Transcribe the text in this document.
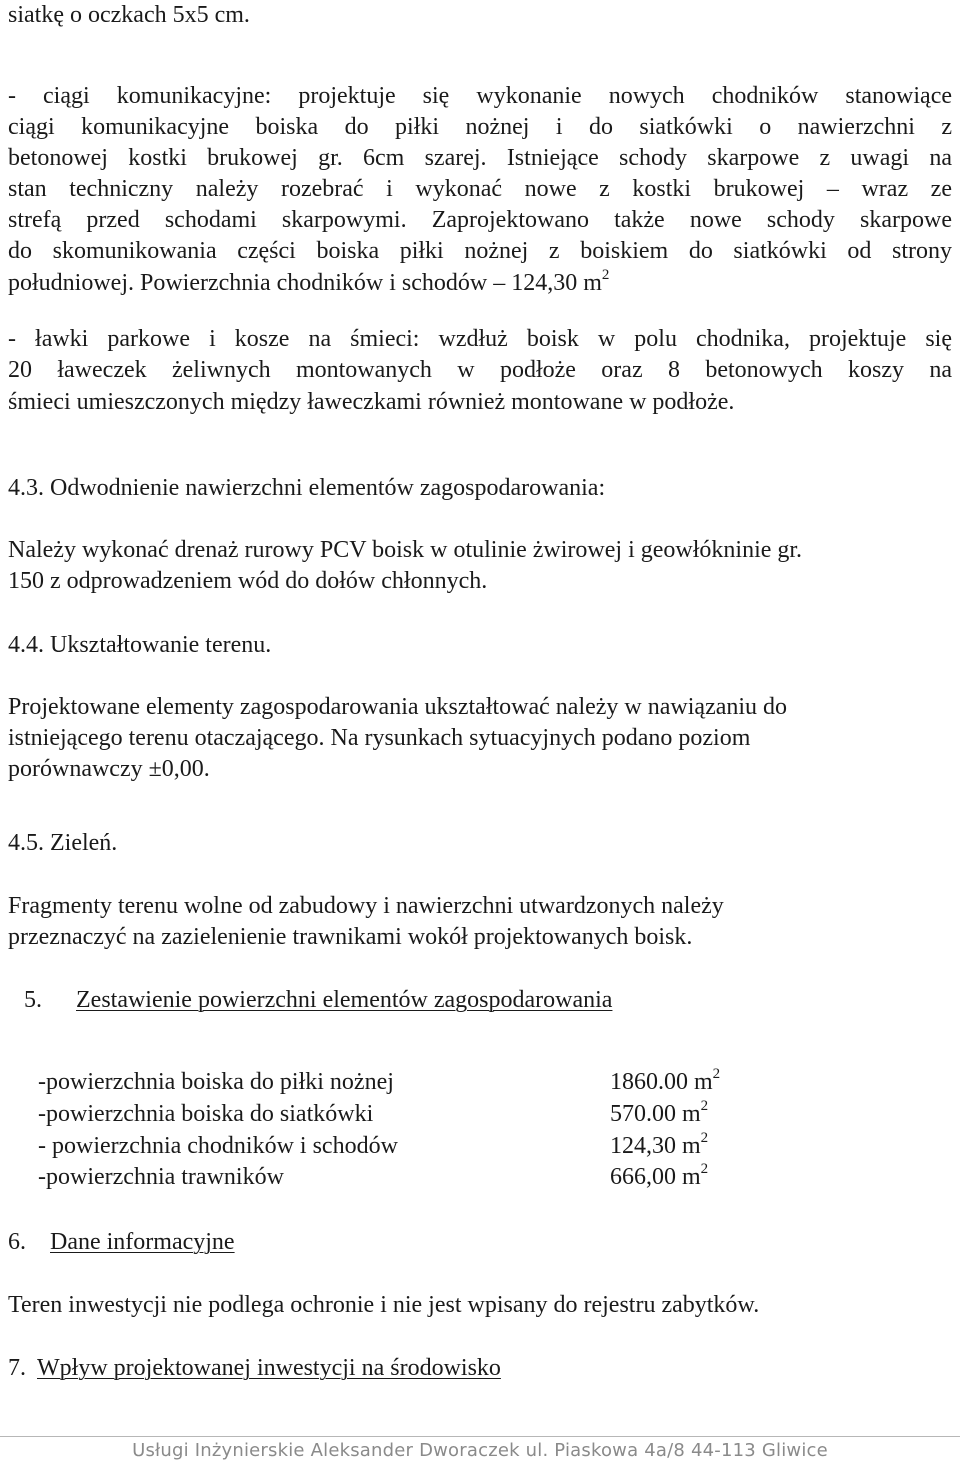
siatkę o oczkach 5x5 cm.
- ciągi komunikacyjne: projektuje się wykonanie nowych chodników stanowiące
ciągi komunikacyjne boiska do piłki nożnej i do siatkówki o nawierzchni z
betonowej kostki brukowej gr. 6cm szarej. Istniejące schody skarpowe z uwagi na
stan techniczny należy rozebrać i wykonać nowe z kostki brukowej – wraz ze
strefą przed schodami skarpowymi. Zaprojektowano także nowe schody skarpowe
do skomunikowania części boiska piłki nożnej z boiskiem do siatkówki od strony
południowej. Powierzchnia chodników i schodów – 124,30 $m^2$
- ławki parkowe i kosze na śmieci: wzdłuż boisk w polu chodnika, projektuje się
20 ławeczek żeliwnych montowanych w podłoże oraz 8 betonowych koszy na
śmieci umieszczonych między ławeczkami również montowane w podłoże.
4.3. Odwodnienie nawierzchni elementów zagospodarowania:
Należy wykonać drenaż rurowy PCV boisk w otulinie żwirowej i geowłókninie gr.
150 z odprowadzeniem wód do dołów chłonnych.
4.4. Ukształtowanie terenu.
Projektowane elementy zagospodarowania ukształtować należy w nawiązaniu do
istniejącego terenu otaczającego. Na rysunkach sytuacyjnych podano poziom
porównawczy ±0,00.
4.5. Zieleń.
Fragmenty terenu wolne od zabudowy i nawierzchni utwardzonych należy
przeznaczyć na zazielenienie trawnikami wokół projektowanych boisk.
5. Zestawienie powierzchni elementów zagospodarowania
-powierzchnia boiska do piłki nożnej	1860.00 $m^2$
-powierzchnia boiska do siatkówki	570.00 $m^2$
- powierzchnia chodników i schodów	124,30 $m^2$
-powierzchnia trawników	666,00 $m^2$
6. Dane informacyjne
Teren inwestycji nie podlega ochronie i nie jest wpisany do rejestru zabytków.
7. Wpływ projektowanej inwestycji na środowisko
Usługi Inżynierskie Aleksander Dworaczek ul. Piaskowa 4a/8 44-113 Gliwice
